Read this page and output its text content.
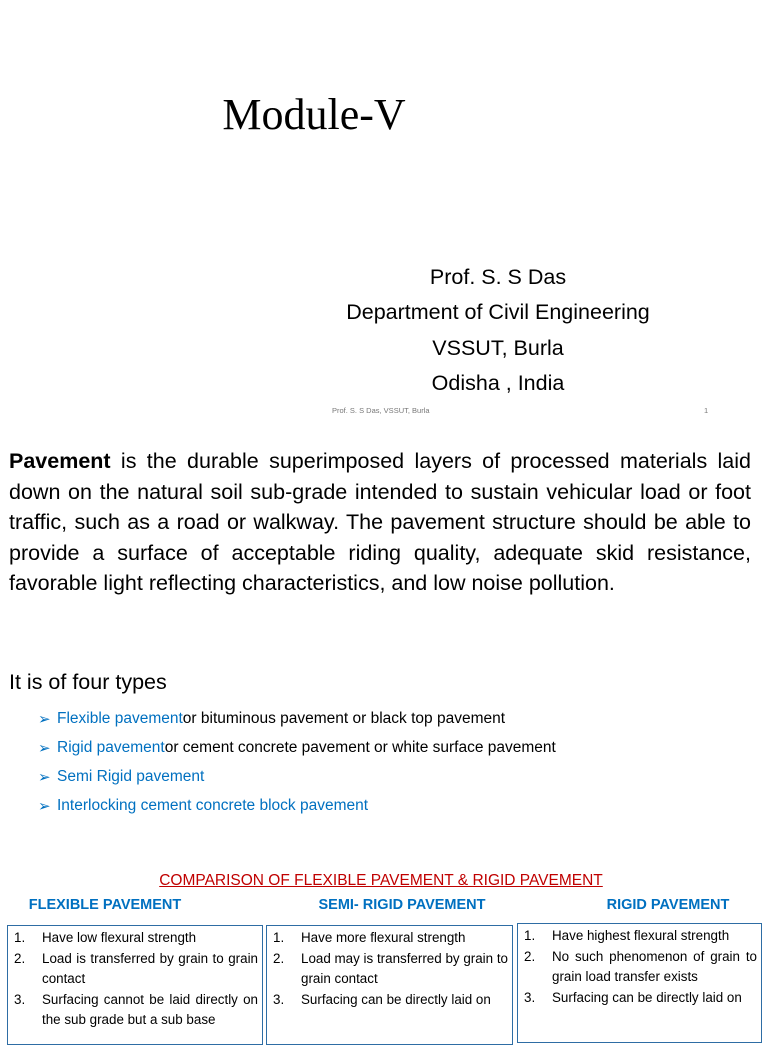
Module-V
Prof. S. S Das
Department of Civil Engineering
VSSUT, Burla
Odisha , India
Prof. S. S Das, VSSUT, Burla	1
Pavement is the durable superimposed layers of processed materials laid down on the natural soil sub-grade intended to sustain vehicular load or foot traffic, such as a road or walkway. The pavement structure should be able to provide a surface of acceptable riding quality, adequate skid resistance, favorable light reflecting characteristics, and low noise pollution.
It is of four types
➢ Flexible pavement or bituminous pavement or black top pavement
➢ Rigid pavement or cement concrete pavement or white surface pavement
➢ Semi Rigid pavement
➢ Interlocking cement concrete block pavement
COMPARISON OF FLEXIBLE PAVEMENT & RIGID PAVEMENT
FLEXIBLE PAVEMENT	SEMI- RIGID PAVEMENT	RIGID PAVEMENT
1.	Have low flexural strength
2.	Load is transferred by grain to grain contact
3.	Surfacing cannot be laid directly on the sub grade but a sub base
1.	Have more flexural strength
2.	Load may is transferred by grain to grain contact
3.	Surfacing can be directly laid on
1.	Have highest flexural strength
2.	No such phenomenon of grain to grain load transfer exists
3.	Surfacing can be directly laid on
